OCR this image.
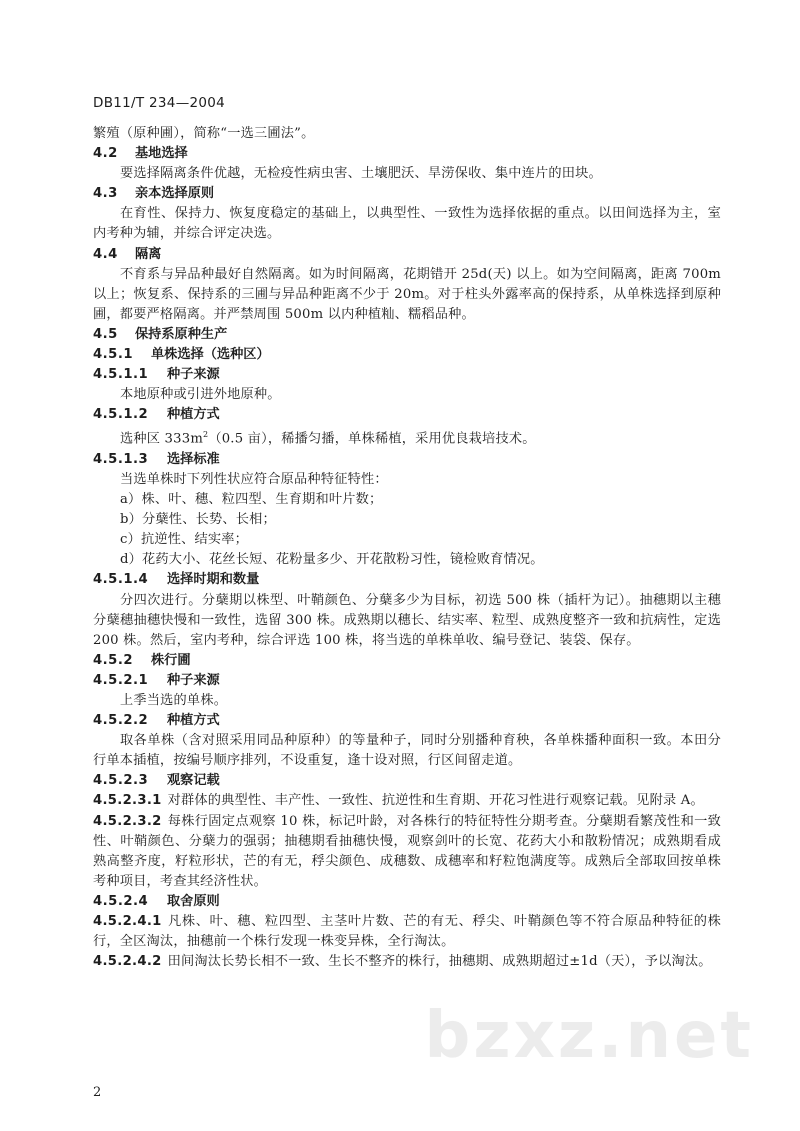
DB11/T 234—2004
繁殖（原种圃），简称“一选三圃法”。
4.2 基地选择
要选择隔离条件优越，无检疫性病虫害、土壤肥沃、旱涝保收、集中连片的田块。
4.3 亲本选择原则
在育性、保持力、恢复度稳定的基础上，以典型性、一致性为选择依据的重点。以田间选择为主，室内考种为辅，并综合评定决选。
4.4 隔离
不育系与异品种最好自然隔离。如为时间隔离，花期错开 25d(天) 以上。如为空间隔离，距离 700m 以上；恢复系、保持系的三圃与异品种距离不少于 20m。对于柱头外露率高的保持系，从单株选择到原种圃，都要严格隔离。并严禁周围 500m 以内种植籼、糯稻品种。
4.5 保持系原种生产
4.5.1 单株选择（选种区）
4.5.1.1 种子来源
本地原种或引进外地原种。
4.5.1.2 种植方式
选种区 $333m^2(0.5$ 亩），稀播匀播，单株稀植，采用优良栽培技术。
4.5.1.3 选择标准
当选单株时下列性状应符合原品种特征特性：
a）株、叶、穗、粒四型、生育期和叶片数；
b）分蘖性、长势、长相；
c）抗逆性、结实率；
d）花药大小、花丝长短、花粉量多少、开花散粉习性，镜检败育情况。
4.5.1.4 选择时期和数量
分四次进行。分蘖期以株型、叶鞘颜色、分蘖多少为目标，初选 500 株（插杆为记）。抽穗期以主穗分蘖穗抽穗快慢和一致性，选留 300 株。成熟期以穗长、结实率、粒型、成熟度整齐一致和抗病性，定选 200 株。然后，室内考种，综合评选 100 株，将当选的单株单收、编号登记、装袋、保存。
4.5.2 株行圃
4.5.2.1 种子来源
上季当选的单株。
4.5.2.2 种植方式
取各单株（含对照采用同品种原种）的等量种子，同时分别播种育秧，各单株播种面积一致。本田分行单本插植，按编号顺序排列，不设重复，逢十设对照，行区间留走道。
4.5.2.3 观察记载
4.5.2.3.1 对群体的典型性、丰产性、一致性、抗逆性和生育期、开花习性进行观察记载。见附录 A。
4.5.2.3.2 每株行固定点观察 10 株，标记叶龄，对各株行的特征特性分期考查。分蘖期看繁茂性和一致性、叶鞘颜色、分蘖力的强弱；抽穗期看抽穗快慢，观察剑叶的长宽、花药大小和散粉情况；成熟期看成熟高整齐度，籽粒形状，芒的有无，稃尖颜色、成穗数、成穗率和籽粒饱满度等。成熟后全部取回按单株考种项目，考查其经济性状。
4.5.2.4 取舍原则
4.5.2.4.1 凡株、叶、穗、粒四型、主茎叶片数、芒的有无、稃尖、叶鞘颜色等不符合原品种特征的株行，全区淘汰，抽穗前一个株行发现一株变异株，全行淘汰。
4.5.2.4.2 田间淘汰长势长相不一致、生长不整齐的株行，抽穗期、成熟期超过±1d（天），予以淘汰。
bzxz.net
2
